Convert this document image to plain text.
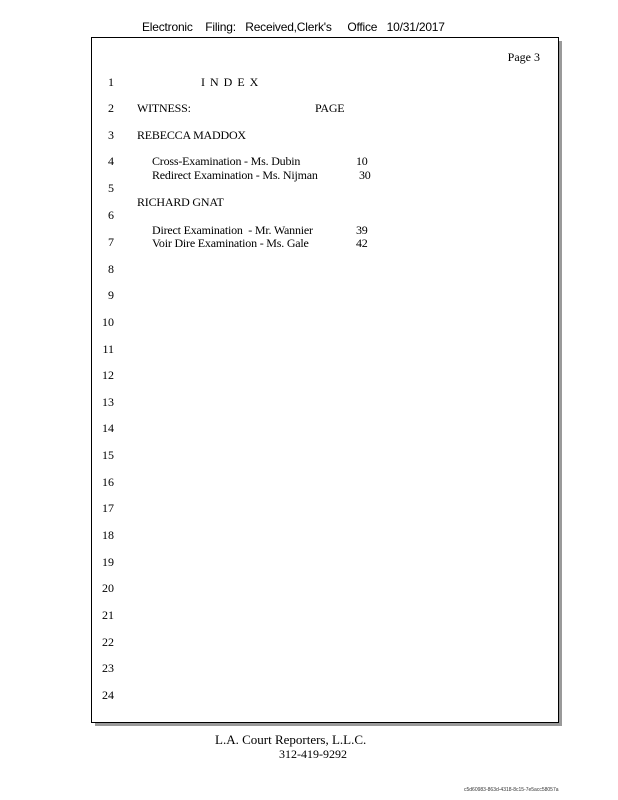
Electronic    Filing:   Received,Clerk's     Office   10/31/2017
Page 3
1
2
3
4
5
6
7
8
9
10
11
12
13
14
15
16
17
18
19
20
21
22
23
24
I N D E X
WITNESS:	PAGE
REBECCA MADDOX
Cross-Examination - Ms. Dubin	10
Redirect Examination - Ms. Nijman	30
RICHARD GNAT
Direct Examination  - Mr. Wannier	39
Voir Dire Examination - Ms. Gale	42
L.A. Court Reporters, L.L.C.
312-419-9292
c5d60983-863d-4318-8c15-7e5acc58057a
